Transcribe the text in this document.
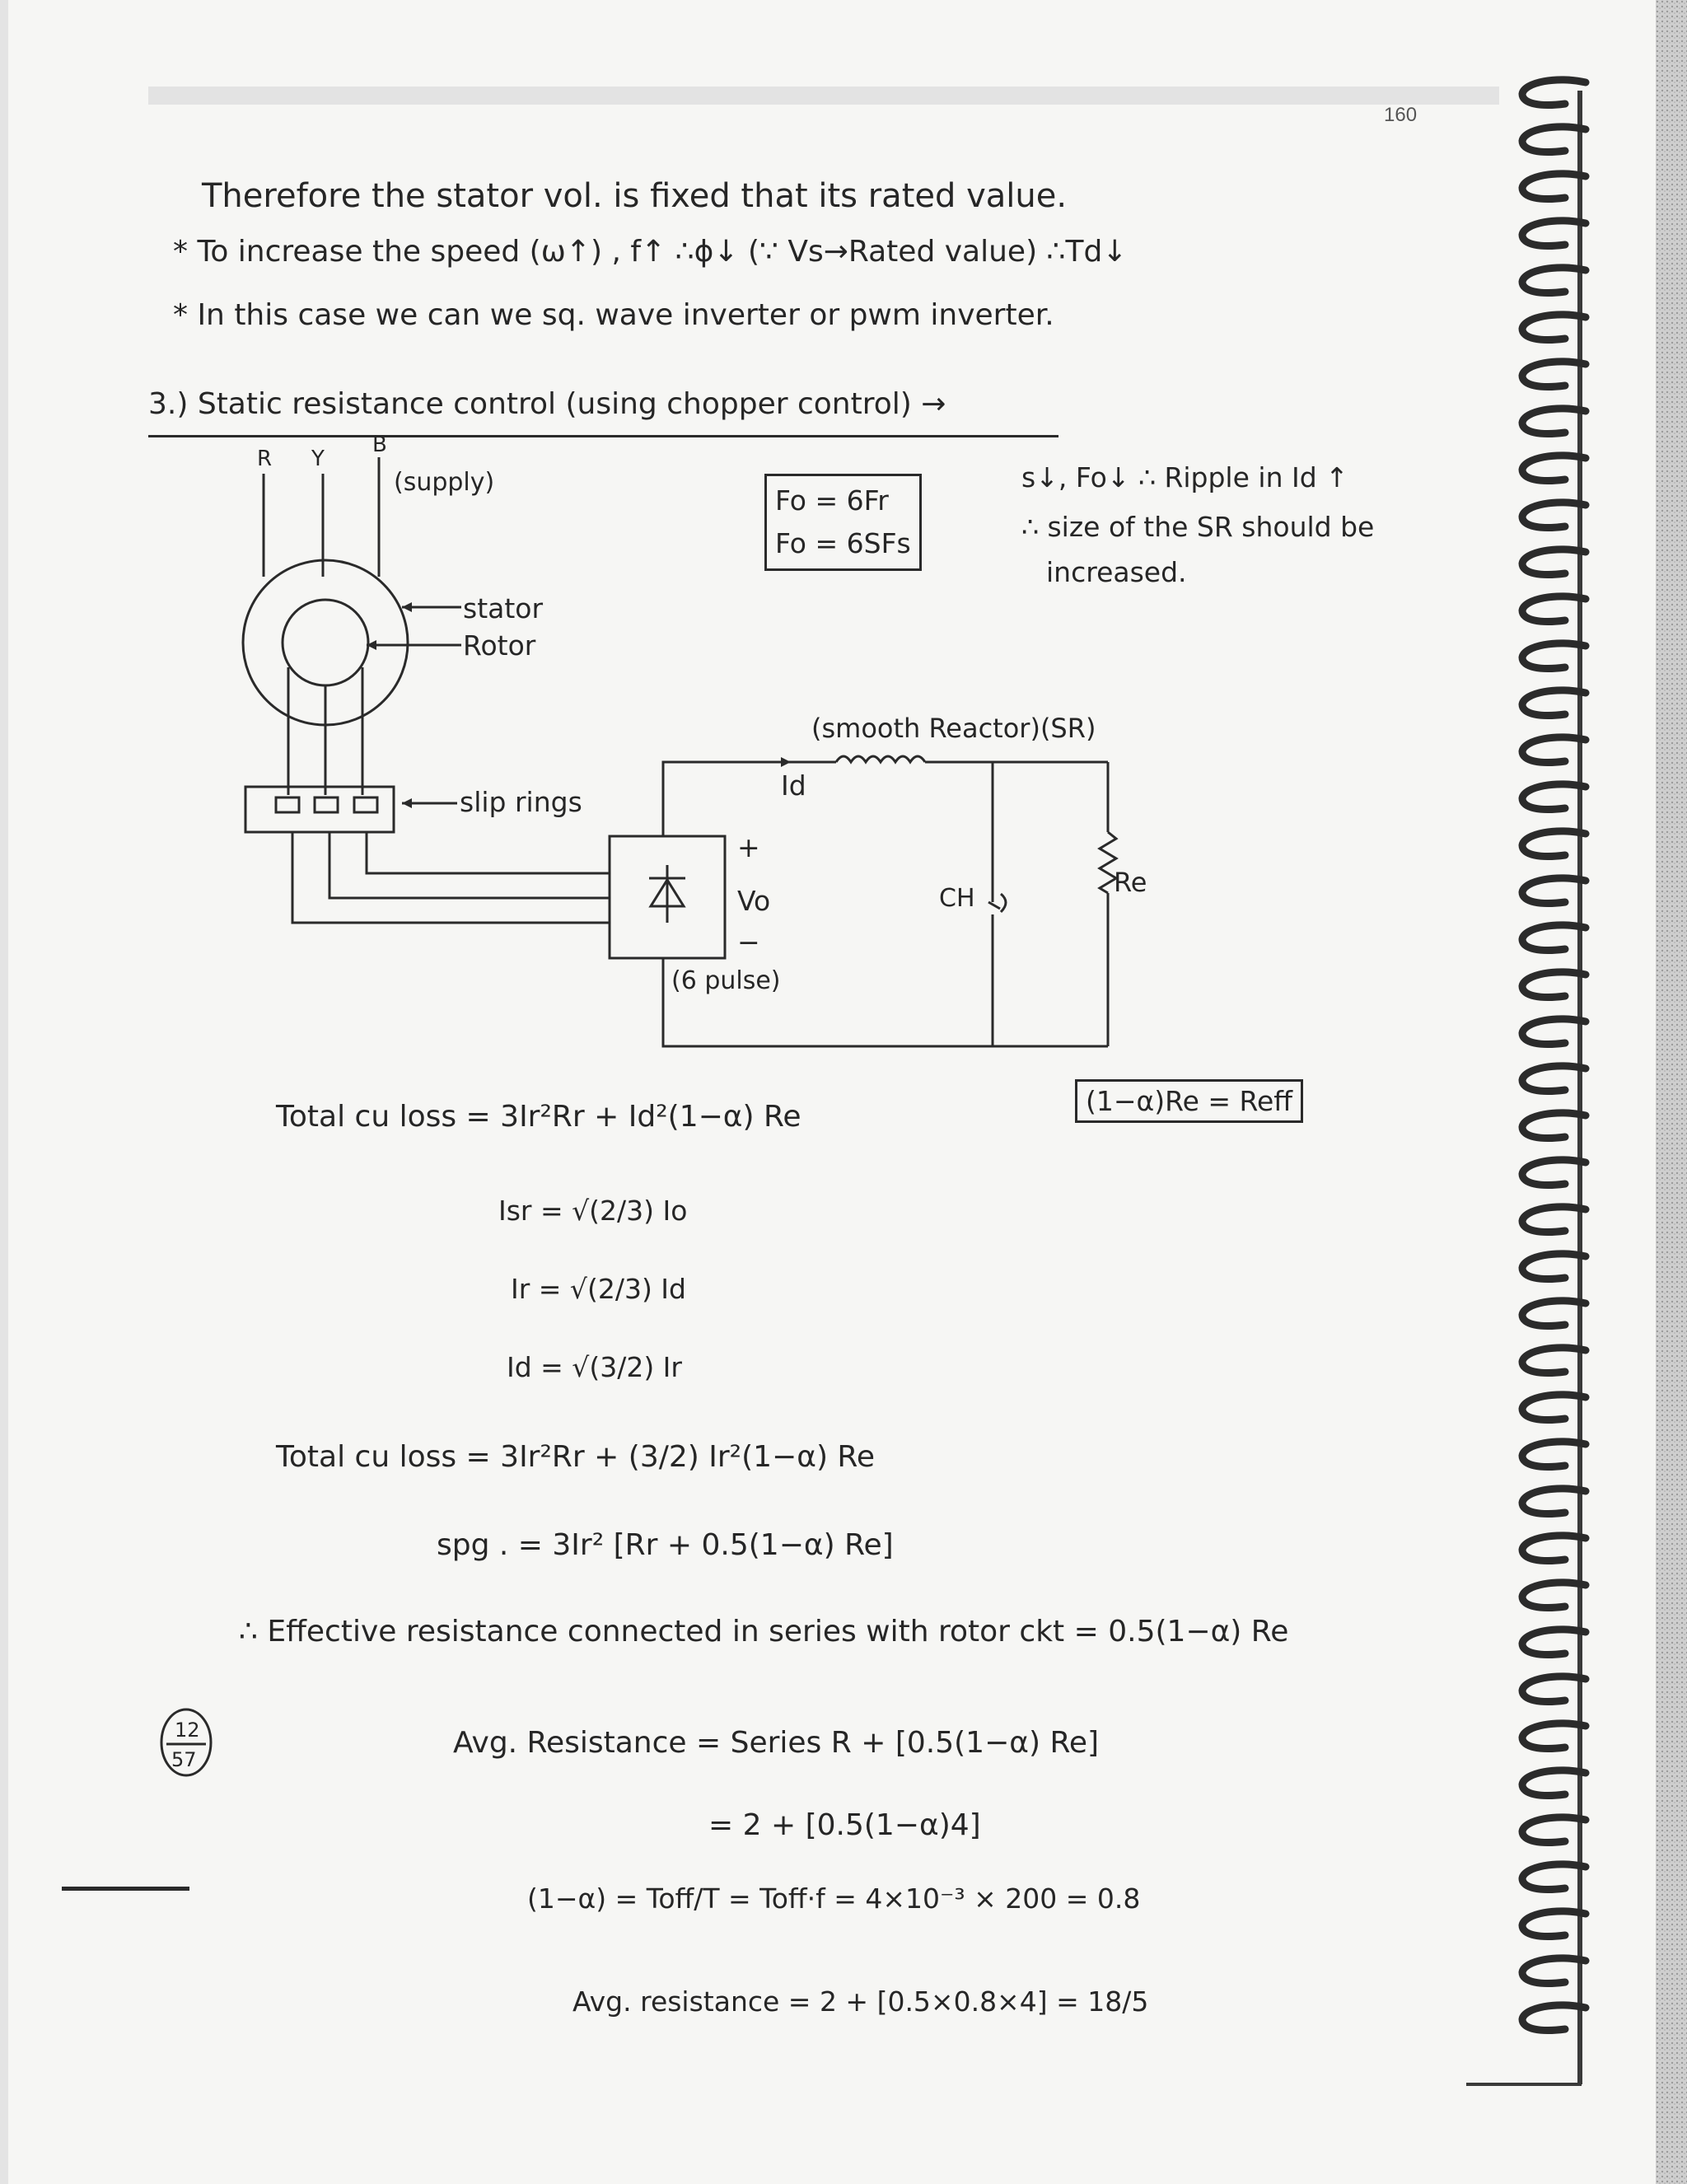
160
Therefore the stator vol. is fixed that its rated value.
* To increase the speed (ω↑) , f↑ ∴ϕ↓ (∵ Vs→Rated value) ∴Td↓
* In this case we can we sq. wave inverter or pwm inverter.
3.) Static resistance control (using chopper control) →
Fo = 6Fr
Fo = 6SFs
s↓, Fo↓ ∴ Ripple in Id ↑
∴ size of the SR should be
increased.
R Y
B
(supply)
stator
Rotor
slip rings
Id
+
Vo
−
(6 pulse)
(smooth Reactor)(SR)
CH
Re
Total cu loss = 3Ir²Rr + Id²(1−α) Re	(1−α)Re = Reff
Isr = √(2/3) Io
Ir = √(2/3) Id
Id = √(3/2) Ir
Total cu loss = 3Ir²Rr + (3/2) Ir²(1−α) Re
spg . = 3Ir² [Rr + 0.5(1−α) Re]
∴ Effective resistance connected in series with rotor ckt = 0.5(1−α) Re
Avg. Resistance = Series R + [0.5(1−α) Re]
= 2 + [0.5(1−α)4]
(1−α) = Toff/T = Toff·f = 4×10⁻³ × 200 = 0.8
Avg. resistance = 2 + [0.5×0.8×4] = 18/5
12
57
